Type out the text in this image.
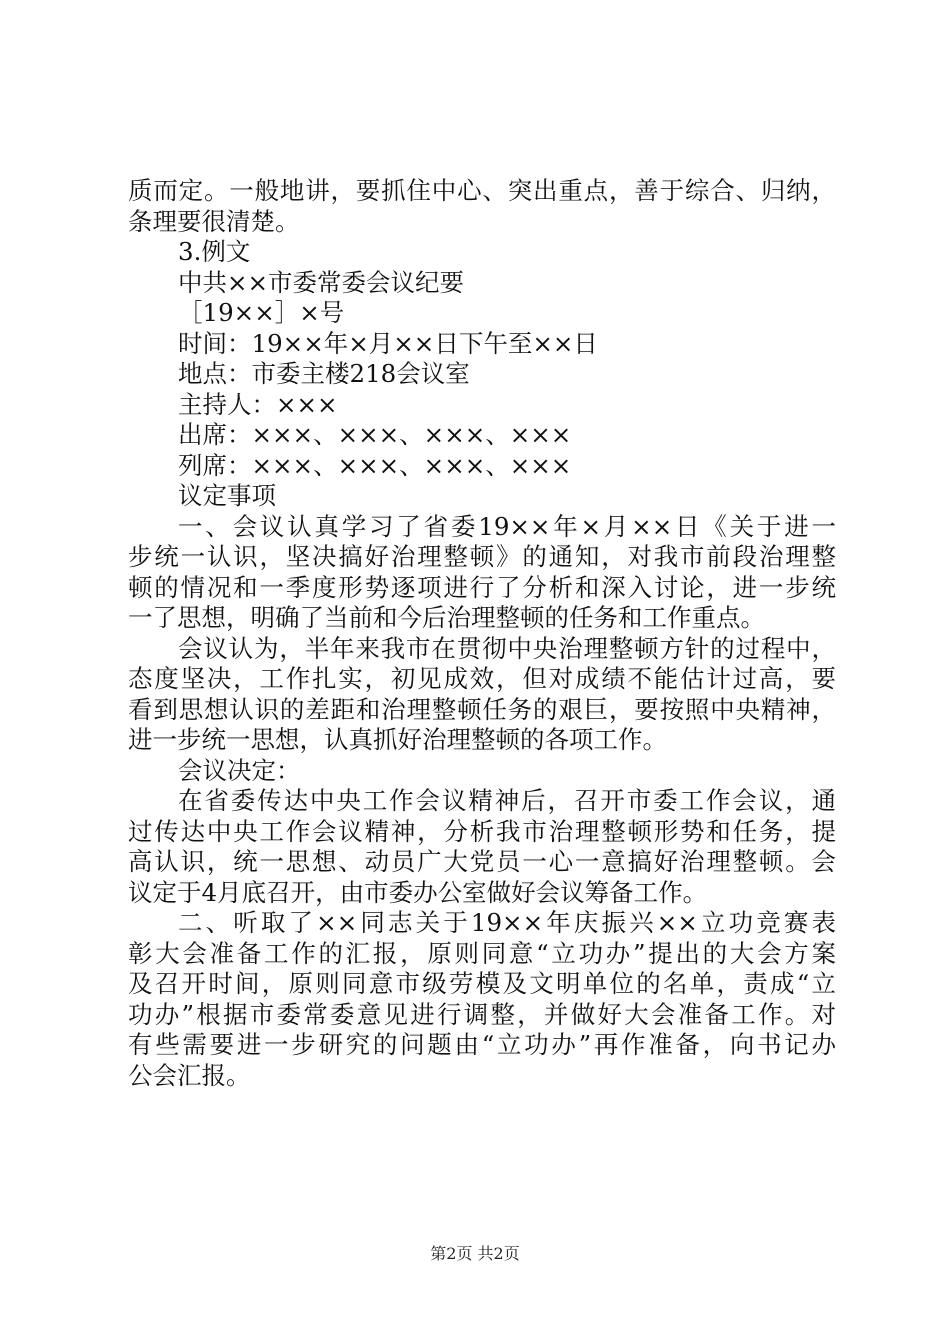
质而定。一般地讲，要抓住中心、突出重点，善于综合、归纳，
条理要很清楚。
3.例文
中共××市委常委会议纪要
［19××］×号
时间：19××年×月××日下午至××日
地点：市委主楼218会议室
主持人：×××
出席：×××、×××、×××、×××
列席：×××、×××、×××、×××
议定事项
一、会议认真学习了省委19××年×月××日《关于进一
步统一认识，坚决搞好治理整顿》的通知，对我市前段治理整
顿的情况和一季度形势逐项进行了分析和深入讨论，进一步统
一了思想，明确了当前和今后治理整顿的任务和工作重点。
会议认为，半年来我市在贯彻中央治理整顿方针的过程中，
态度坚决，工作扎实，初见成效，但对成绩不能估计过高，要
看到思想认识的差距和治理整顿任务的艰巨，要按照中央精神，
进一步统一思想，认真抓好治理整顿的各项工作。
会议决定：
在省委传达中央工作会议精神后，召开市委工作会议，通
过传达中央工作会议精神，分析我市治理整顿形势和任务，提
高认识，统一思想、动员广大党员一心一意搞好治理整顿。会
议定于4月底召开，由市委办公室做好会议筹备工作。
二、听取了××同志关于19××年庆振兴××立功竞赛表
彰大会准备工作的汇报，原则同意“立功办”提出的大会方案
及召开时间，原则同意市级劳模及文明单位的名单，责成“立
功办”根据市委常委意见进行调整，并做好大会准备工作。对
有些需要进一步研究的问题由“立功办”再作准备，向书记办
公会汇报。
第2页 共2页
